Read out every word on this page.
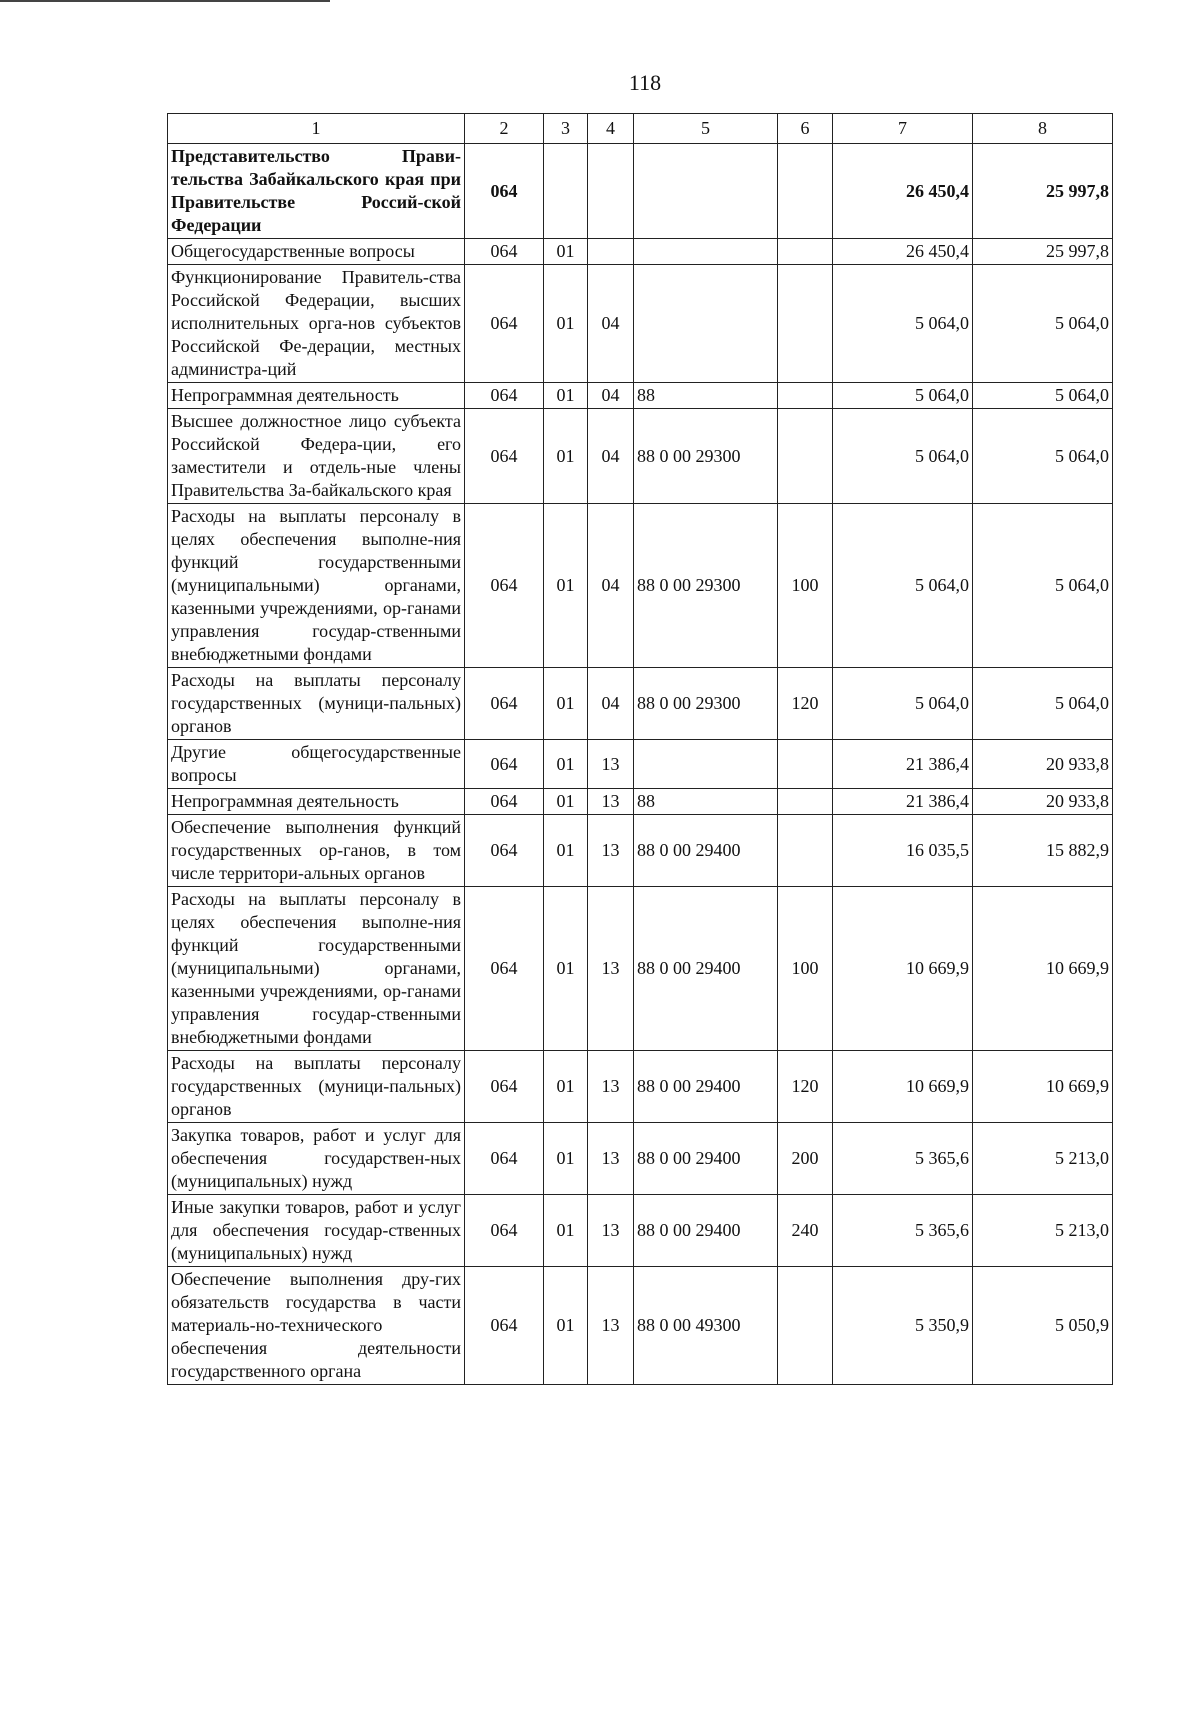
118
1	2	3	4	5	6	7	8
Представительство Прави-тельства Забайкальского края при Правительстве Россий-ской Федерации	064					26 450,4	25 997,8
Общегосударственные вопросы	064	01				26 450,4	25 997,8
Функционирование Правитель-ства Российской Федерации, высших исполнительных орга-нов субъектов Российской Фе-дерации, местных администра-ций	064	01	04			5 064,0	5 064,0
Непрограммная деятельность	064	01	04	88		5 064,0	5 064,0
Высшее должностное лицо субъекта Российской Федера-ции, его заместители и отдель-ные члены Правительства За-байкальского края	064	01	04	88 0 00 29300		5 064,0	5 064,0
Расходы на выплаты персоналу в целях обеспечения выполне-ния функций государственными (муниципальными) органами, казенными учреждениями, ор-ганами управления государ-ственными внебюджетными фондами	064	01	04	88 0 00 29300	100	5 064,0	5 064,0
Расходы на выплаты персоналу государственных (муници-пальных) органов	064	01	04	88 0 00 29300	120	5 064,0	5 064,0
Другие общегосударственные вопросы	064	01	13			21 386,4	20 933,8
Непрограммная деятельность	064	01	13	88		21 386,4	20 933,8
Обеспечение выполнения функций государственных ор-ганов, в том числе территори-альных органов	064	01	13	88 0 00 29400		16 035,5	15 882,9
Расходы на выплаты персоналу в целях обеспечения выполне-ния функций государственными (муниципальными) органами, казенными учреждениями, ор-ганами управления государ-ственными внебюджетными фондами	064	01	13	88 0 00 29400	100	10 669,9	10 669,9
Расходы на выплаты персоналу государственных (муници-пальных) органов	064	01	13	88 0 00 29400	120	10 669,9	10 669,9
Закупка товаров, работ и услуг для обеспечения государствен-ных (муниципальных) нужд	064	01	13	88 0 00 29400	200	5 365,6	5 213,0
Иные закупки товаров, работ и услуг для обеспечения государ-ственных (муниципальных) нужд	064	01	13	88 0 00 29400	240	5 365,6	5 213,0
Обеспечение выполнения дру-гих обязательств государства в части материаль-но-технического обеспечения деятельности государственного органа	064	01	13	88 0 00 49300		5 350,9	5 050,9
